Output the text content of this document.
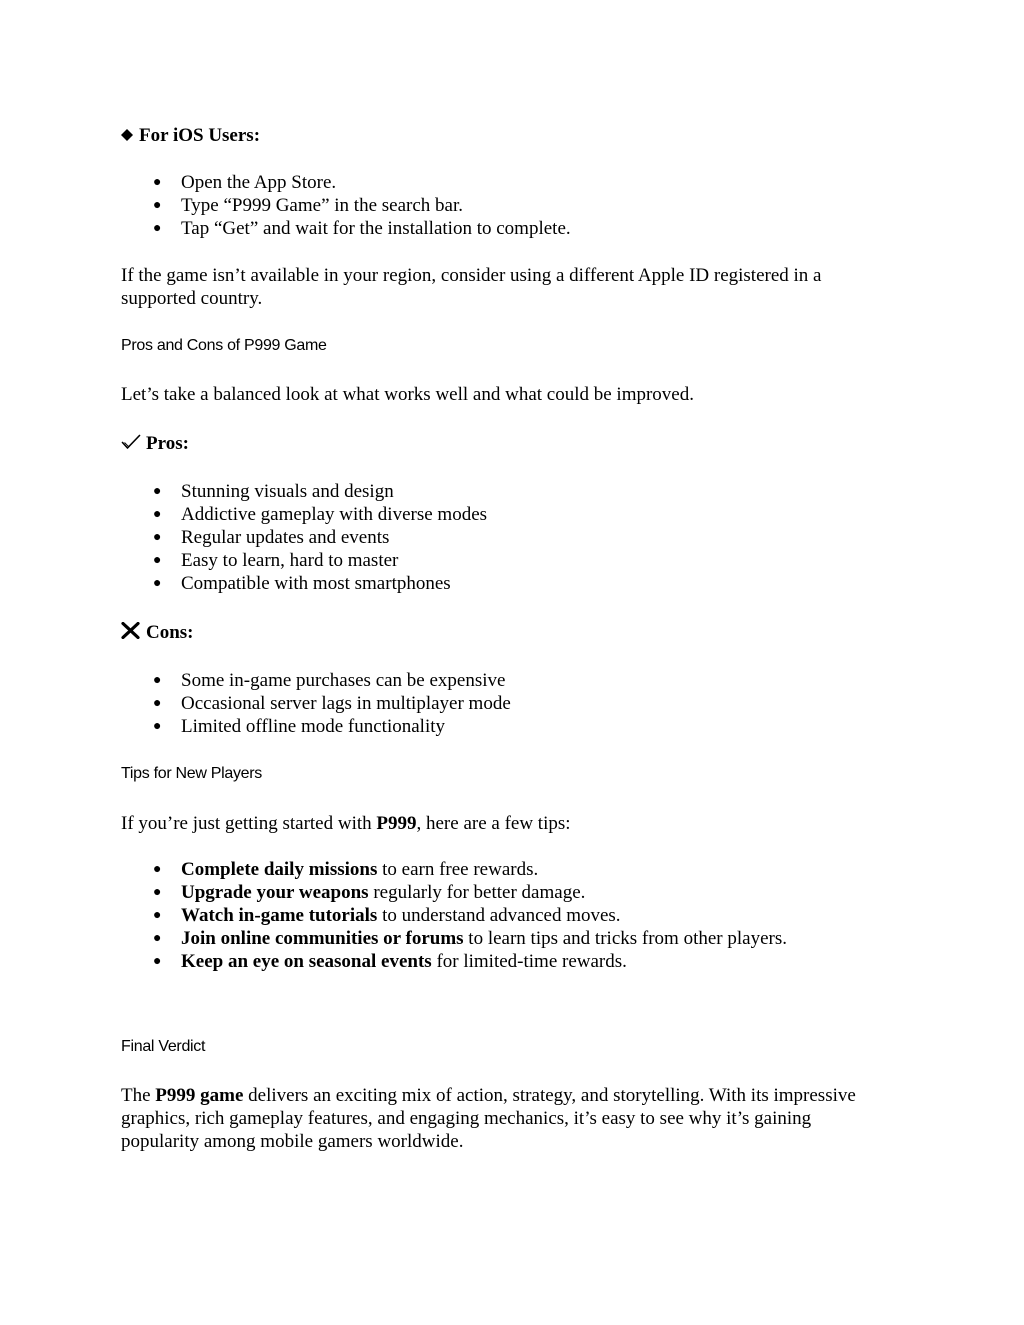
For iOS Users:

● Open the App Store.
● Type “P999 Game” in the search bar.
● Tap “Get” and wait for the installation to complete.

If the game isn’t available in your region, consider using a different Apple ID registered in a
supported country.

Pros and Cons of P999 Game

Let’s take a balanced look at what works well and what could be improved.

Pros:

● Stunning visuals and design
● Addictive gameplay with diverse modes
● Regular updates and events
● Easy to learn, hard to master
● Compatible with most smartphones

Cons:

● Some in-game purchases can be expensive
● Occasional server lags in multiplayer mode
● Limited offline mode functionality

Tips for New Players

If you’re just getting started with P999, here are a few tips:

● Complete daily missions to earn free rewards.
● Upgrade your weapons regularly for better damage.
● Watch in-game tutorials to understand advanced moves.
● Join online communities or forums to learn tips and tricks from other players.
● Keep an eye on seasonal events for limited-time rewards.

Final Verdict

The P999 game delivers an exciting mix of action, strategy, and storytelling. With its impressive
graphics, rich gameplay features, and engaging mechanics, it’s easy to see why it’s gaining
popularity among mobile gamers worldwide.
